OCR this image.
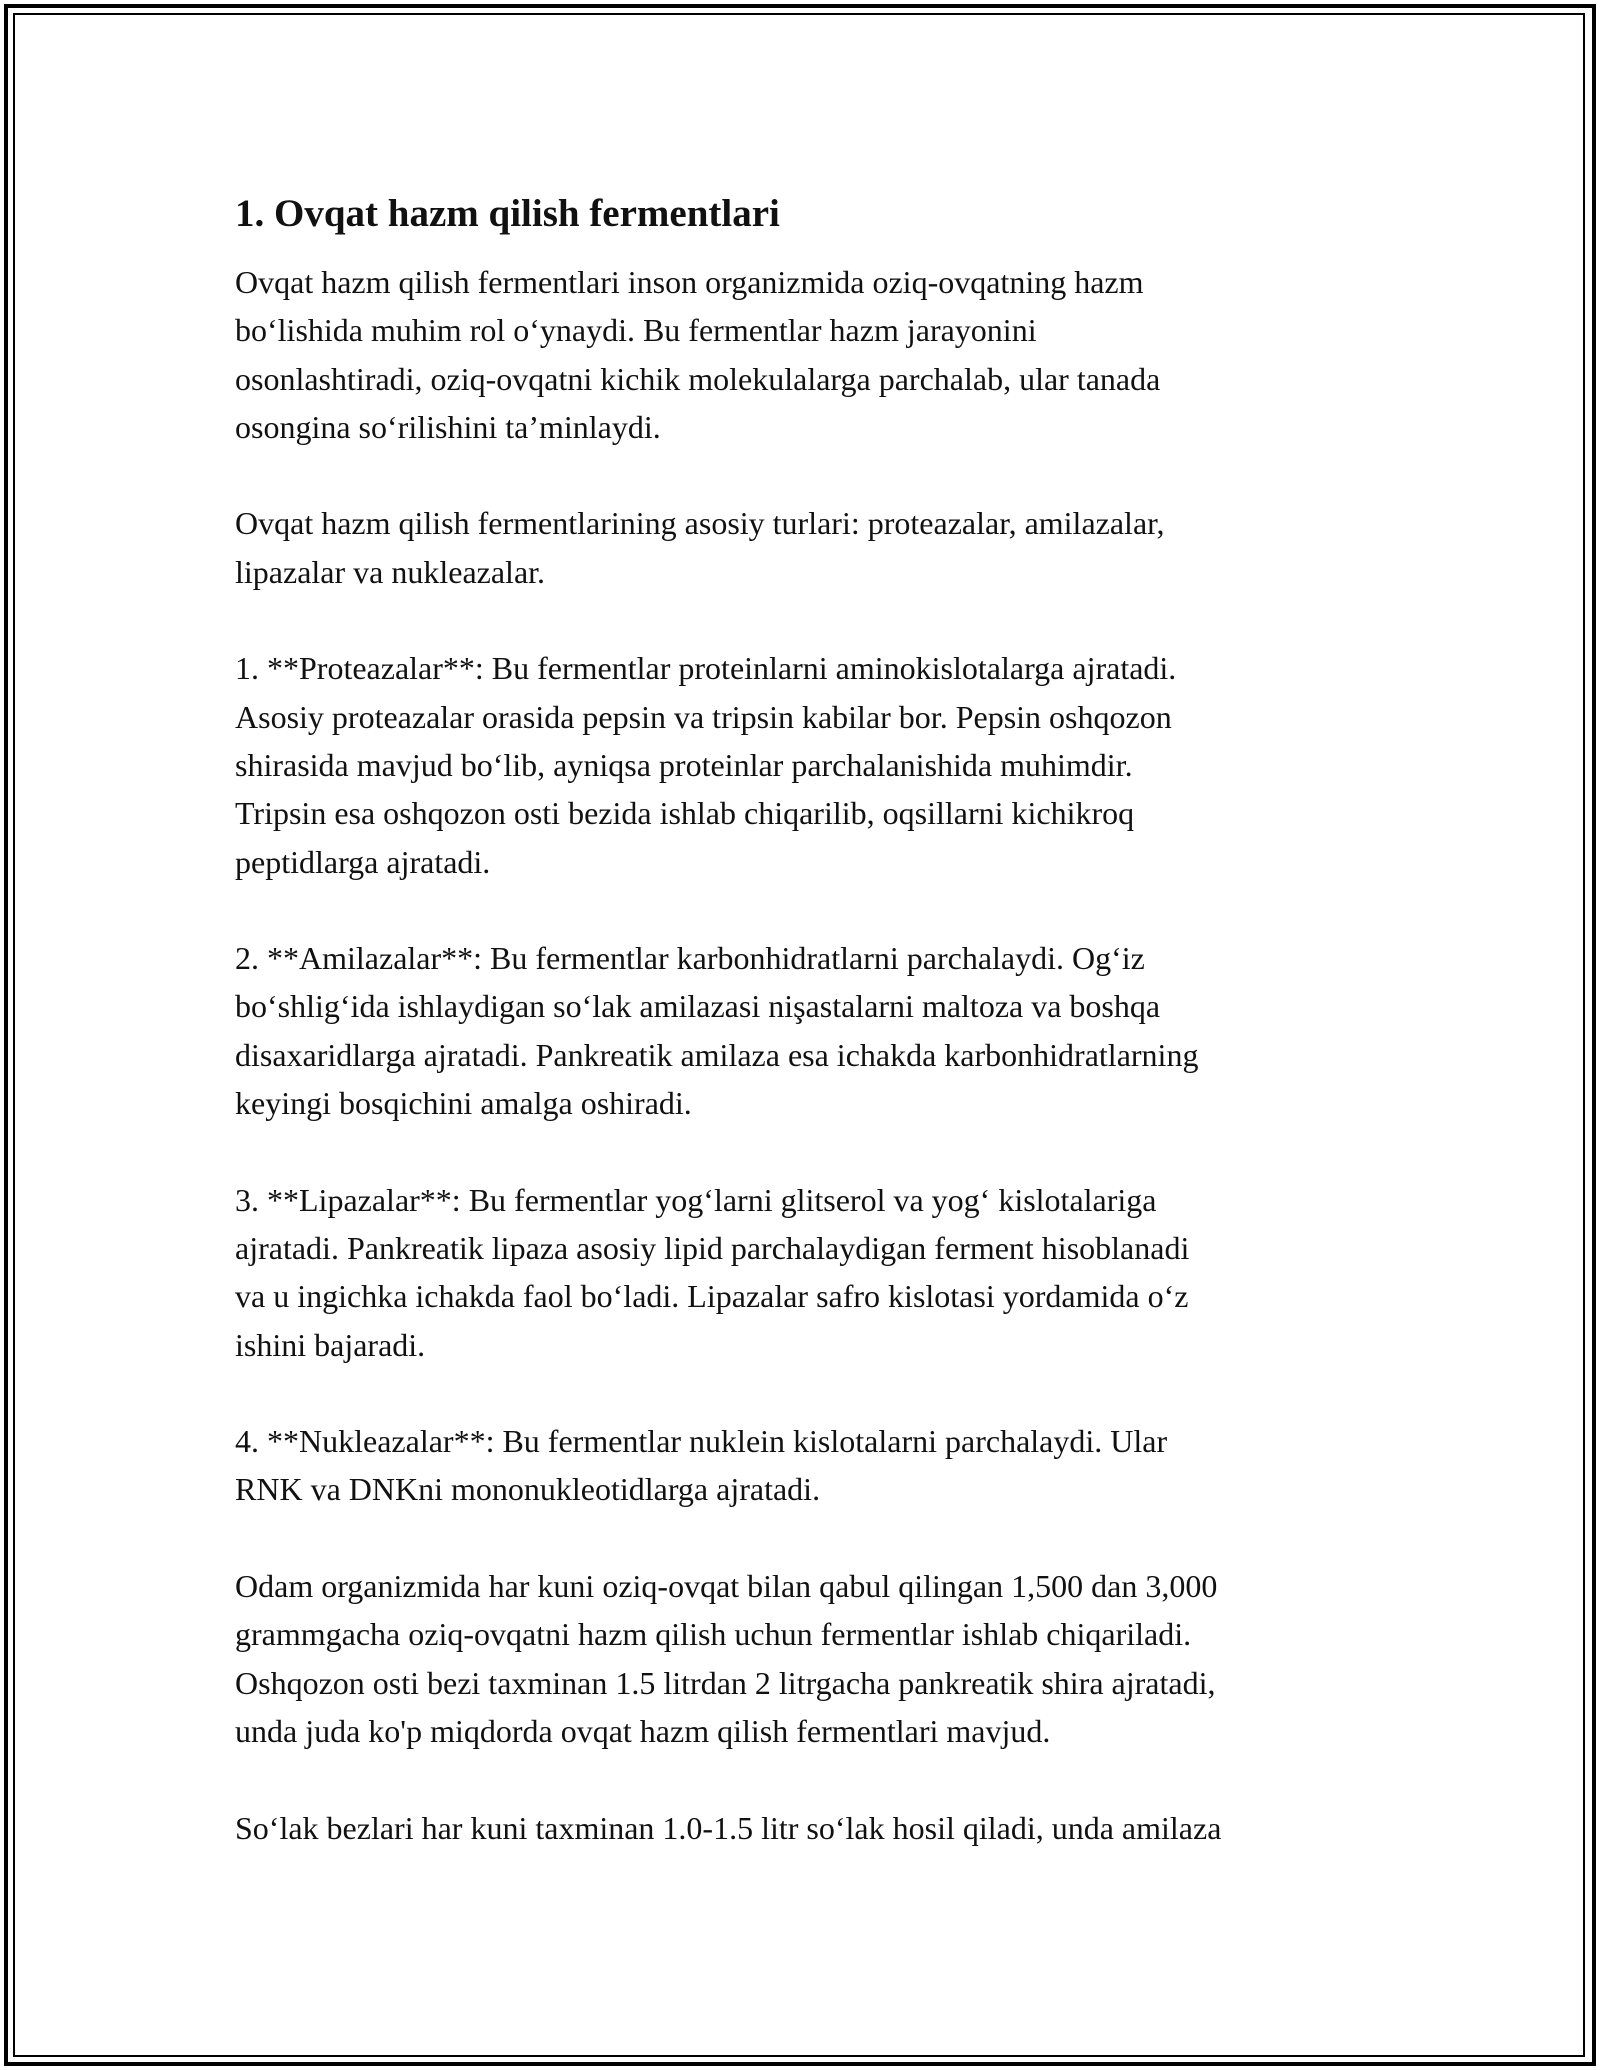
1. Ovqat hazm qilish fermentlari
Ovqat hazm qilish fermentlari inson organizmida oziq-ovqatning hazm
bo‘lishida muhim rol o‘ynaydi. Bu fermentlar hazm jarayonini
osonlashtiradi, oziq-ovqatni kichik molekulalarga parchalab, ular tanada
osongina so‘rilishini ta’minlaydi.
Ovqat hazm qilish fermentlarining asosiy turlari: proteazalar, amilazalar,
lipazalar va nukleazalar.
1. **Proteazalar**: Bu fermentlar proteinlarni aminokislotalarga ajratadi.
Asosiy proteazalar orasida pepsin va tripsin kabilar bor. Pepsin oshqozon
shirasida mavjud bo‘lib, ayniqsa proteinlar parchalanishida muhimdir.
Tripsin esa oshqozon osti bezida ishlab chiqarilib, oqsillarni kichikroq
peptidlarga ajratadi.
2. **Amilazalar**: Bu fermentlar karbonhidratlarni parchalaydi. Og‘iz
bo‘shlig‘ida ishlaydigan so‘lak amilazasi nişastalarni maltoza va boshqa
disaxaridlarga ajratadi. Pankreatik amilaza esa ichakda karbonhidratlarning
keyingi bosqichini amalga oshiradi.
3. **Lipazalar**: Bu fermentlar yog‘larni glitserol va yog‘ kislotalariga
ajratadi. Pankreatik lipaza asosiy lipid parchalaydigan ferment hisoblanadi
va u ingichka ichakda faol bo‘ladi. Lipazalar safro kislotasi yordamida o‘z
ishini bajaradi.
4. **Nukleazalar**: Bu fermentlar nuklein kislotalarni parchalaydi. Ular
RNK va DNKni mononukleotidlarga ajratadi.
Odam organizmida har kuni oziq-ovqat bilan qabul qilingan 1,500 dan 3,000
grammgacha oziq-ovqatni hazm qilish uchun fermentlar ishlab chiqariladi.
Oshqozon osti bezi taxminan 1.5 litrdan 2 litrgacha pankreatik shira ajratadi,
unda juda ko'p miqdorda ovqat hazm qilish fermentlari mavjud.
So‘lak bezlari har kuni taxminan 1.0-1.5 litr so‘lak hosil qiladi, unda amilaza
